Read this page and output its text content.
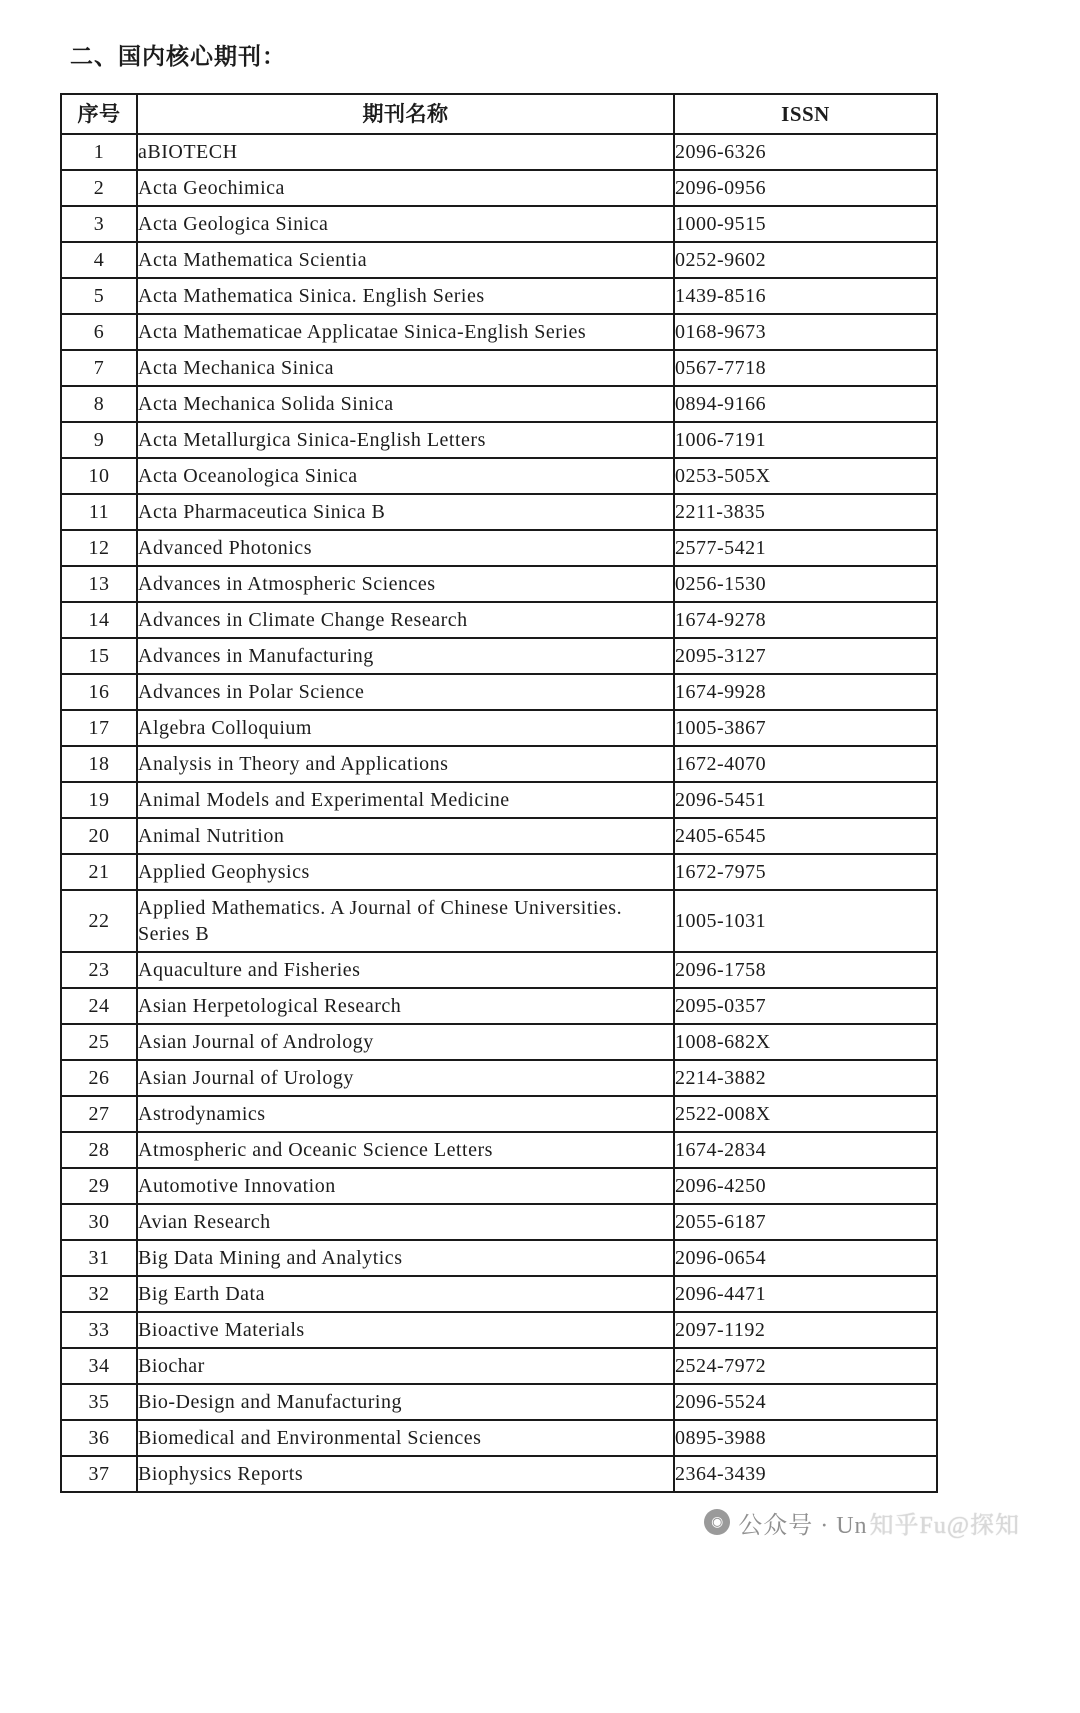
二、国内核心期刊：
序号	期刊名称	ISSN
1	aBIOTECH	2096-6326
2	Acta Geochimica	2096-0956
3	Acta Geologica Sinica	1000-9515
4	Acta Mathematica Scientia	0252-9602
5	Acta Mathematica Sinica. English Series	1439-8516
6	Acta Mathematicae Applicatae Sinica-English Series	0168-9673
7	Acta Mechanica Sinica	0567-7718
8	Acta Mechanica Solida Sinica	0894-9166
9	Acta Metallurgica Sinica-English Letters	1006-7191
10	Acta Oceanologica Sinica	0253-505X
11	Acta Pharmaceutica Sinica B	2211-3835
12	Advanced Photonics	2577-5421
13	Advances in Atmospheric Sciences	0256-1530
14	Advances in Climate Change Research	1674-9278
15	Advances in Manufacturing	2095-3127
16	Advances in Polar Science	1674-9928
17	Algebra Colloquium	1005-3867
18	Analysis in Theory and Applications	1672-4070
19	Animal Models and Experimental Medicine	2096-5451
20	Animal Nutrition	2405-6545
21	Applied Geophysics	1672-7975
22	Applied Mathematics. A Journal of Chinese Universities. Series B	1005-1031
23	Aquaculture and Fisheries	2096-1758
24	Asian Herpetological Research	2095-0357
25	Asian Journal of Andrology	1008-682X
26	Asian Journal of Urology	2214-3882
27	Astrodynamics	2522-008X
28	Atmospheric and Oceanic Science Letters	1674-2834
29	Automotive Innovation	2096-4250
30	Avian Research	2055-6187
31	Big Data Mining and Analytics	2096-0654
32	Big Earth Data	2096-4471
33	Bioactive Materials	2097-1192
34	Biochar	2524-7972
35	Bio-Design and Manufacturing	2096-5524
36	Biomedical and Environmental Sciences	0895-3988
37	Biophysics Reports	2364-3439
◉ 公众号 · Un 知乎Fu@探知
